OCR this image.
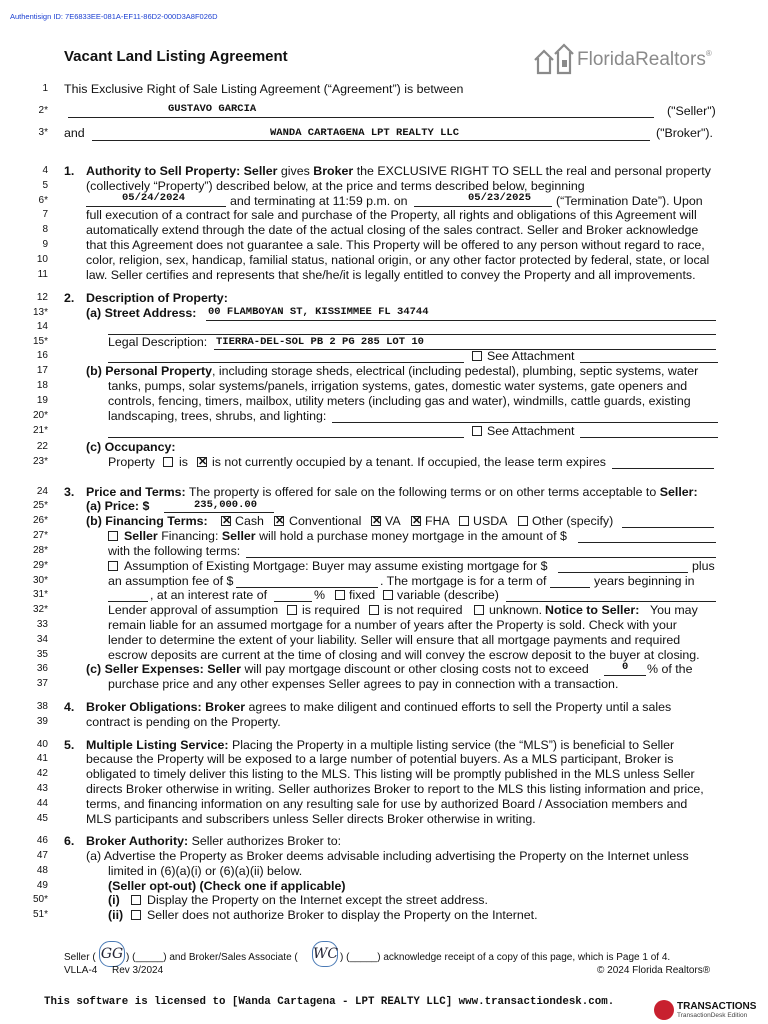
Authentisign ID: 7E6833EE-081A-EF11-86D2-000D3A8F026D
Vacant Land Listing Agreement	FloridaRealtors®
1
2*
3*
4
5
6*
7
8
9
10
11
12
13*
14
15*
16
17
18
19
20*
21*
22
23*
24
25*
26*
27*
28*
29*
30*
31*
32*
33
34
35
36
37
38
39
40
41
42
43
44
45
46
47
48
49
50*
51*
This Exclusive Right of Sale Listing Agreement (“Agreement”) is between
GUSTAVO GARCIA	("Seller")
and	WANDA CARTAGENA LPT REALTY LLC	("Broker").
1. Authority to Sell Property: Seller gives Broker the EXCLUSIVE RIGHT TO SELL the real and personal property
(collectively “Property”) described below, at the price and terms described below, beginning
05/24/2024	and terminating at 11:59 p.m. on	05/23/2025 (“Termination Date”). Upon
full execution of a contract for sale and purchase of the Property, all rights and obligations of this Agreement will
automatically extend through the date of the actual closing of the sales contract. Seller and Broker acknowledge
that this Agreement does not guarantee a sale. This Property will be offered to any person without regard to race,
color, religion, sex, handicap, familial status, national origin, or any other factor protected by federal, state, or local
law. Seller certifies and represents that she/he/it is legally entitled to convey the Property and all improvements.
2. Description of Property:
(a) Street Address: 00 FLAMBOYAN ST, KISSIMMEE FL 34744
Legal Description: TIERRA-DEL-SOL PB 2 PG 285 LOT 10
See Attachment
(b) Personal Property, including storage sheds, electrical (including pedestal), plumbing, septic systems, water
tanks, pumps, solar systems/panels, irrigation systems, gates, domestic water systems, gate openers and
controls, fencing, timers, mailbox, utility meters (including gas and water), windmills, cattle guards, existing
landscaping, trees, shrubs, and lighting:
See Attachment
(c) Occupancy:
Property is ✕ is not currently occupied by a tenant. If occupied, the lease term expires
3. Price and Terms: The property is offered for sale on the following terms or on other terms acceptable to Seller:
(a) Price: $	235,000.00
(b) Financing Terms: ✕ Cash ✕ Conventional ✕ VA ✕ FHA USDA Other (specify)
Seller Financing: Seller will hold a purchase money mortgage in the amount of $
with the following terms:
Assumption of Existing Mortgage: Buyer may assume existing mortgage for $	plus
an assumption fee of $	. The mortgage is for a term of	years beginning in
, at an interest rate of	% fixed variable (describe)
Lender approval of assumption is required is not required unknown. Notice to Seller: You may
remain liable for an assumed mortgage for a number of years after the Property is sold. Check with your
lender to determine the extent of your liability. Seller will ensure that all mortgage payments and required
escrow deposits are current at the time of closing and will convey the escrow deposit to the buyer at closing.
(c) Seller Expenses: Seller will pay mortgage discount or other closing costs not to exceed	0 % of the
purchase price and any other expenses Seller agrees to pay in connection with a transaction.
4. Broker Obligations: Broker agrees to make diligent and continued efforts to sell the Property until a sales
contract is pending on the Property.
5. Multiple Listing Service: Placing the Property in a multiple listing service (the “MLS”) is beneficial to Seller
because the Property will be exposed to a large number of potential buyers. As a MLS participant, Broker is
obligated to timely deliver this listing to the MLS. This listing will be promptly published in the MLS unless Seller
directs Broker otherwise in writing. Seller authorizes Broker to report to the MLS this listing information and price,
terms, and financing information on any resulting sale for use by authorized Board / Association members and
MLS participants and subscribers unless Seller directs Broker otherwise in writing.
6. Broker Authority: Seller authorizes Broker to:
(a) Advertise the Property as Broker deems advisable including advertising the Property on the Internet unless
limited in (6)(a)(i) or (6)(a)(ii) below.
(Seller opt-out) (Check one if applicable)
(i) Display the Property on the Internet except the street address.
(ii) Seller does not authorize Broker to display the Property on the Internet.
Seller ( GG ) (_____) and Broker/Sales Associate ( WC ) (_____) acknowledge receipt of a copy of this page, which is Page 1 of 4.
VLLA-4 Rev 3/2024	© 2024 Florida Realtors®
This software is licensed to [Wanda Cartagena - LPT REALTY LLC] www.transactiondesk.com.	TRANSACTIONS
TransactionDesk Edition
